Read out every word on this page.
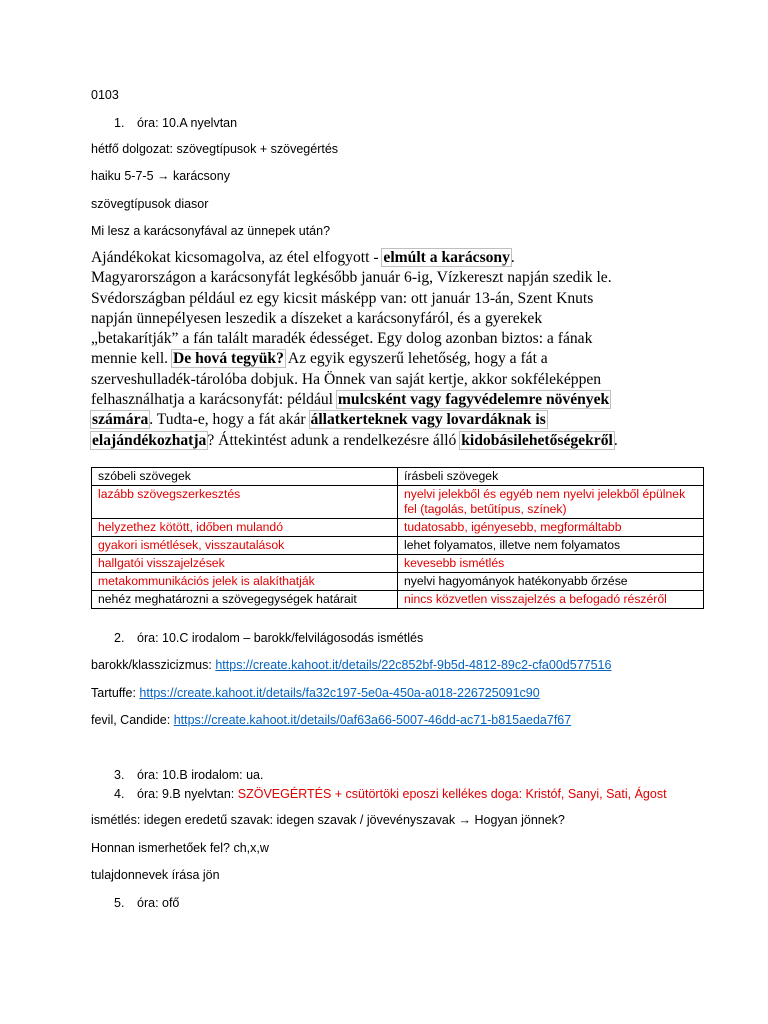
0103
1. óra: 10.A nyelvtan
hétfő dolgozat: szövegtípusok + szövegértés
haiku 5-7-5 → karácsony
szövegtípusok diasor
Mi lesz a karácsonyfával az ünnepek után?
Ajándékokat kicsomagolva, az étel elfogyott - elmúlt a karácsony.
Magyarországon a karácsonyfát legkésőbb január 6-ig, Vízkereszt napján szedik le.
Svédországban például ez egy kicsit másképp van: ott január 13-án, Szent Knuts
napján ünnepélyesen leszedik a díszeket a karácsonyfáról, és a gyerekek
„betakarítják” a fán talált maradék édességet. Egy dolog azonban biztos: a fának
mennie kell. De hová tegyük? Az egyik egyszerű lehetőség, hogy a fát a
szerveshulladék-tárolóba dobjuk. Ha Önnek van saját kertje, akkor sokféleképpen
felhasználhatja a karácsonyfát: például mulcsként vagy fagyvédelemre növények
számára. Tudta-e, hogy a fát akár állatkerteknek vagy lovardáknak is
elajándékozhatja? Áttekintést adunk a rendelkezésre álló kidobásilehetőségekről.
szóbeli szövegek	írásbeli szövegek
lazább szövegszerkesztés	nyelvi jelekből és egyéb nem nyelvi jelekből épülnek fel (tagolás, betűtípus, színek)
helyzethez kötött, időben mulandó	tudatosabb, igényesebb, megformáltabb
gyakori ismétlések, visszautalások	lehet folyamatos, illetve nem folyamatos
hallgatói visszajelzések	kevesebb ismétlés
metakommunikációs jelek is alakíthatják	nyelvi hagyományok hatékonyabb őrzése
nehéz meghatározni a szövegegységek határait	nincs közvetlen visszajelzés a befogadó részéről
2. óra: 10.C irodalom – barokk/felvilágosodás ismétlés
barokk/klasszicizmus: https://create.kahoot.it/details/22c852bf-9b5d-4812-89c2-cfa00d577516
Tartuffe: https://create.kahoot.it/details/fa32c197-5e0a-450a-a018-226725091c90
fevil, Candide: https://create.kahoot.it/details/0af63a66-5007-46dd-ac71-b815aeda7f67
3. óra: 10.B irodalom: ua.
4. óra: 9.B nyelvtan: SZÖVEGÉRTÉS + csütörtöki eposzi kellékes doga: Kristóf, Sanyi, Sati, Ágost
ismétlés: idegen eredetű szavak: idegen szavak / jövevényszavak → Hogyan jönnek?
Honnan ismerhetőek fel? ch,x,w
tulajdonnevek írása jön
5. óra: ofő
